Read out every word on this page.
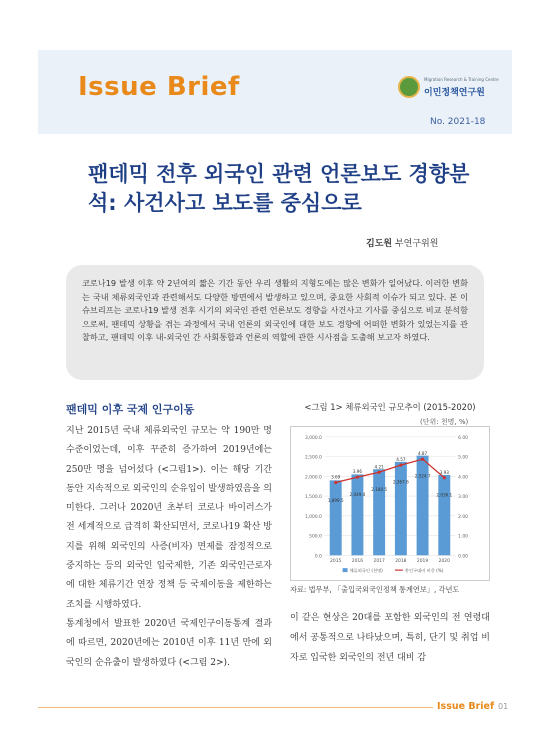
Issue Brief	Migration Research & Training Centre
이민정책연구원
No. 2021-18
팬데믹 전후 외국인 관련 언론보도 경향분석: 사건사고 보도를 중심으로
김도원 부연구위원
코로나19 발생 이후 약 2년여의 짧은 기간 동안 우리 생활의 지형도에는 많은 변화가 일어났다. 이러한 변화는 국내 체류외국인과 관련해서도 다양한 방면에서 발생하고 있으며, 중요한 사회적 이슈가 되고 있다. 본 이슈브리프는 코로나19 발생 전후 시기의 외국인 관련 언론보도 경향을 사건사고 기사를 중심으로 비교 분석함으로써, 팬데믹 상황을 겪는 과정에서 국내 언론의 외국인에 대한 보도 경향에 어떠한 변화가 있었는지를 관찰하고, 팬데믹 이후 내-외국인 간 사회통합과 언론의 역할에 관한 시사점을 도출해 보고자 하였다.
팬데믹 이후 국제 인구이동

지난 2015년 국내 체류외국인 규모는 약 190만 명 수준이었는데, 이후 꾸준히 증가하여 2019년에는 250만 명을 넘어섰다 (<그림1>). 이는 해당 기간 동안 지속적으로 외국인의 순유입이 발생하였음을 의미한다. 그러나 2020년 초부터 코로나 바이러스가 전 세계적으로 급격히 확산되면서, 코로나19 확산 방지를 위해 외국인의 사증(비자) 면제를 잠정적으로 중지하는 등의 외국인 입국제한, 기존 외국인근로자에 대한 체류기간 연장 정책 등 국제이동을 제한하는 조치를 시행하였다.

통계청에서 발표한 2020년 국제인구이동통계 결과에 따르면, 2020년에는 2010년 이후 11년 만에 외국인의 순유출이 발생하였다 (<그림 2>).

<그림 1> 체류외국인 규모추이 (2015-2020)
(단위: 천명, %)
0.0
500.0
1,000.0
1,500.0
2,000.0
2,500.0
3,000.0
0.00
1.00
2.00
3.00
4.00
5.00
6.00
1,899.5
2015
2,049.4
2016
2,180.5
2017
2,367.6
2018
2,524.7
2019
2,036.1
2020
3.69
3.96
4.21
4.57
4.87
3.93
체류외국인 (천명)	총인구대비 비중 (%)
자료: 법무부, 「출입국외국인정책 통계연보」, 각년도
이 같은 현상은 20대를 포함한 외국인의 전 연령대에서 공통적으로 나타났으며, 특히, 단기 및 취업 비자로 입국한 외국인의 전년 대비 감
Issue Brief 01
